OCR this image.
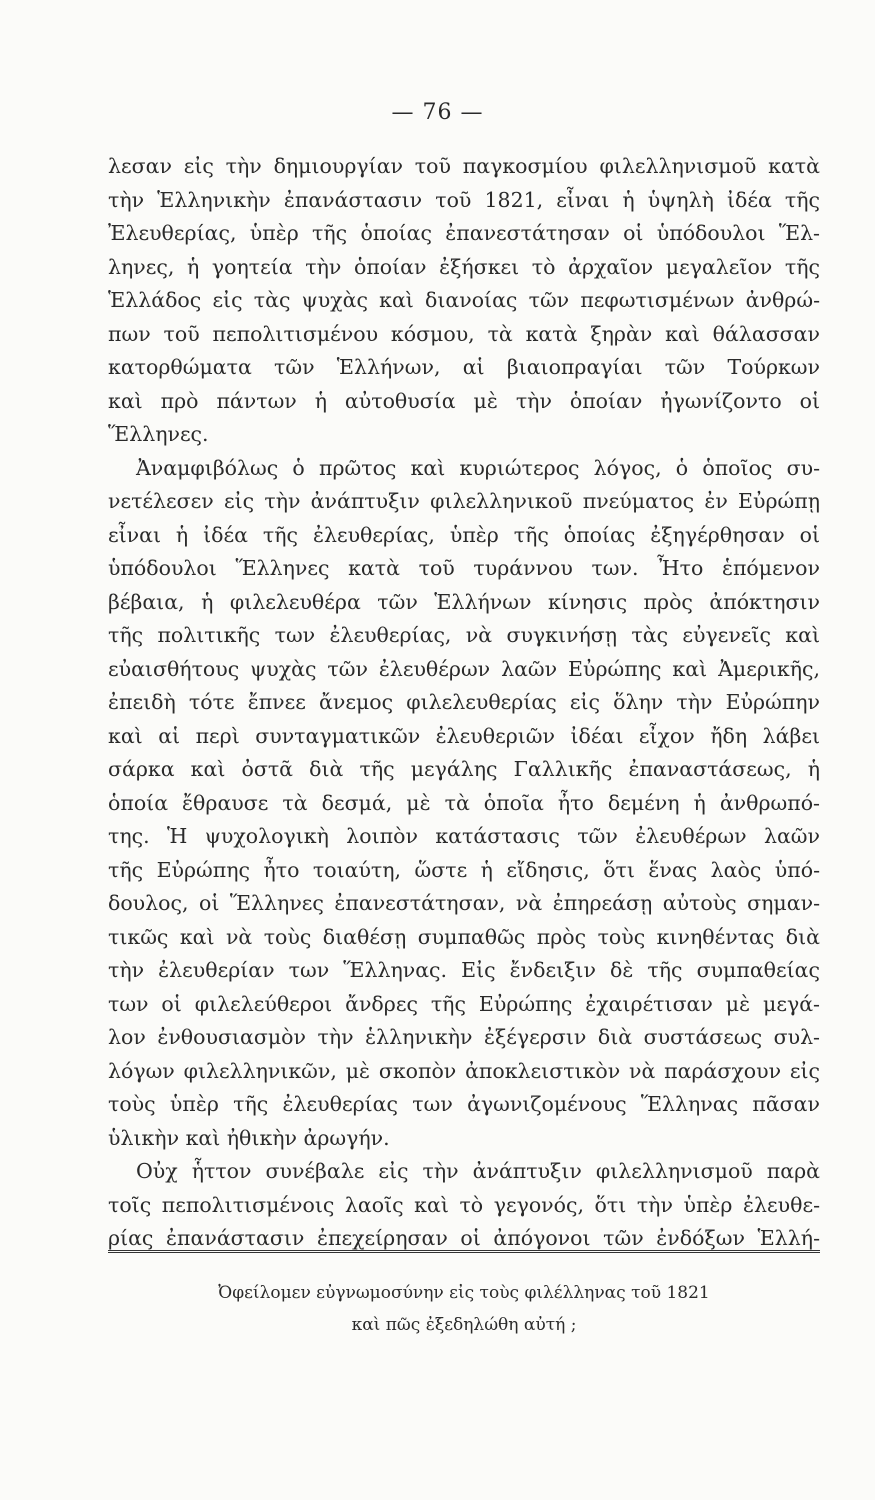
— 76 —
λεσαν εἰς τὴν δημιουργίαν τοῦ παγκοσμίου φιλελληνισμοῦ κατὰ
τὴν Ἑλληνικὴν ἐπανάστασιν τοῦ 1821, εἶναι ἡ ὑψηλὴ ἰδέα τῆς
Ἐλευθερίας, ὑπὲρ τῆς ὁποίας ἐπανεστάτησαν οἱ ὑπόδουλοι Ἕλ-
ληνες, ἡ γοητεία τὴν ὁποίαν ἐξήσκει τὸ ἀρχαῖον μεγαλεῖον τῆς
Ἑλλάδος εἰς τὰς ψυχὰς καὶ διανοίας τῶν πεφωτισμένων ἀνθρώ-
πων τοῦ πεπολιτισμένου κόσμου, τὰ κατὰ ξηρὰν καὶ θάλασσαν
κατορθώματα τῶν Ἑλλήνων, αἱ βιαιοπραγίαι τῶν Τούρκων
καὶ πρὸ πάντων ἡ αὐτοθυσία μὲ τὴν ὁποίαν ἠγωνίζοντο οἱ
Ἕλληνες.
Ἀναμφιβόλως ὁ πρῶτος καὶ κυριώτερος λόγος, ὁ ὁποῖος συ-
νετέλεσεν εἰς τὴν ἀνάπτυξιν φιλελληνικοῦ πνεύματος ἐν Εὐρώπῃ
εἶναι ἡ ἰδέα τῆς ἐλευθερίας, ὑπὲρ τῆς ὁποίας ἐξηγέρθησαν οἱ
ὑπόδουλοι Ἕλληνες κατὰ τοῦ τυράννου των. Ἦτο ἑπόμενον
βέβαια, ἡ φιλελευθέρα τῶν Ἑλλήνων κίνησις πρὸς ἀπόκτησιν
τῆς πολιτικῆς των ἐλευθερίας, νὰ συγκινήσῃ τὰς εὐγενεῖς καὶ
εὐαισθήτους ψυχὰς τῶν ἐλευθέρων λαῶν Εὐρώπης καὶ Ἀμερικῆς,
ἐπειδὴ τότε ἔπνεε ἄνεμος φιλελευθερίας εἰς ὅλην τὴν Εὐρώπην
καὶ αἱ περὶ συνταγματικῶν ἐλευθεριῶν ἰδέαι εἶχον ἤδη λάβει
σάρκα καὶ ὀστᾶ διὰ τῆς μεγάλης Γαλλικῆς ἐπαναστάσεως, ἡ
ὁποία ἔθραυσε τὰ δεσμά, μὲ τὰ ὁποῖα ἦτο δεμένη ἡ ἀνθρωπό-
της. Ἡ ψυχολογικὴ λοιπὸν κατάστασις τῶν ἐλευθέρων λαῶν
τῆς Εὐρώπης ἦτο τοιαύτη, ὥστε ἡ εἴδησις, ὅτι ἕνας λαὸς ὑπό-
δουλος, οἱ Ἕλληνες ἐπανεστάτησαν, νὰ ἐπηρεάσῃ αὐτοὺς σημαν-
τικῶς καὶ νὰ τοὺς διαθέσῃ συμπαθῶς πρὸς τοὺς κινηθέντας διὰ
τὴν ἐλευθερίαν των Ἕλληνας. Εἰς ἔνδειξιν δὲ τῆς συμπαθείας
των οἱ φιλελεύθεροι ἄνδρες τῆς Εὐρώπης ἐχαιρέτισαν μὲ μεγά-
λον ἐνθουσιασμὸν τὴν ἑλληνικὴν ἐξέγερσιν διὰ συστάσεως συλ-
λόγων φιλελληνικῶν, μὲ σκοπὸν ἀποκλειστικὸν νὰ παράσχουν εἰς
τοὺς ὑπὲρ τῆς ἐλευθερίας των ἀγωνιζομένους Ἕλληνας πᾶσαν
ὑλικὴν καὶ ἠθικὴν ἀρωγήν.
Οὐχ ἧττον συνέβαλε εἰς τὴν ἀνάπτυξιν φιλελληνισμοῦ παρὰ
τοῖς πεπολιτισμένοις λαοῖς καὶ τὸ γεγονός, ὅτι τὴν ὑπὲρ ἐλευθε-
ρίας ἐπανάστασιν ἐπεχείρησαν οἱ ἀπόγονοι τῶν ἐνδόξων Ἑλλή-
Ὀφείλομεν εὐγνωμοσύνην εἰς τοὺς φιλέλληνας τοῦ 1821
καὶ πῶς ἐξεδηλώθη αὐτή ;
